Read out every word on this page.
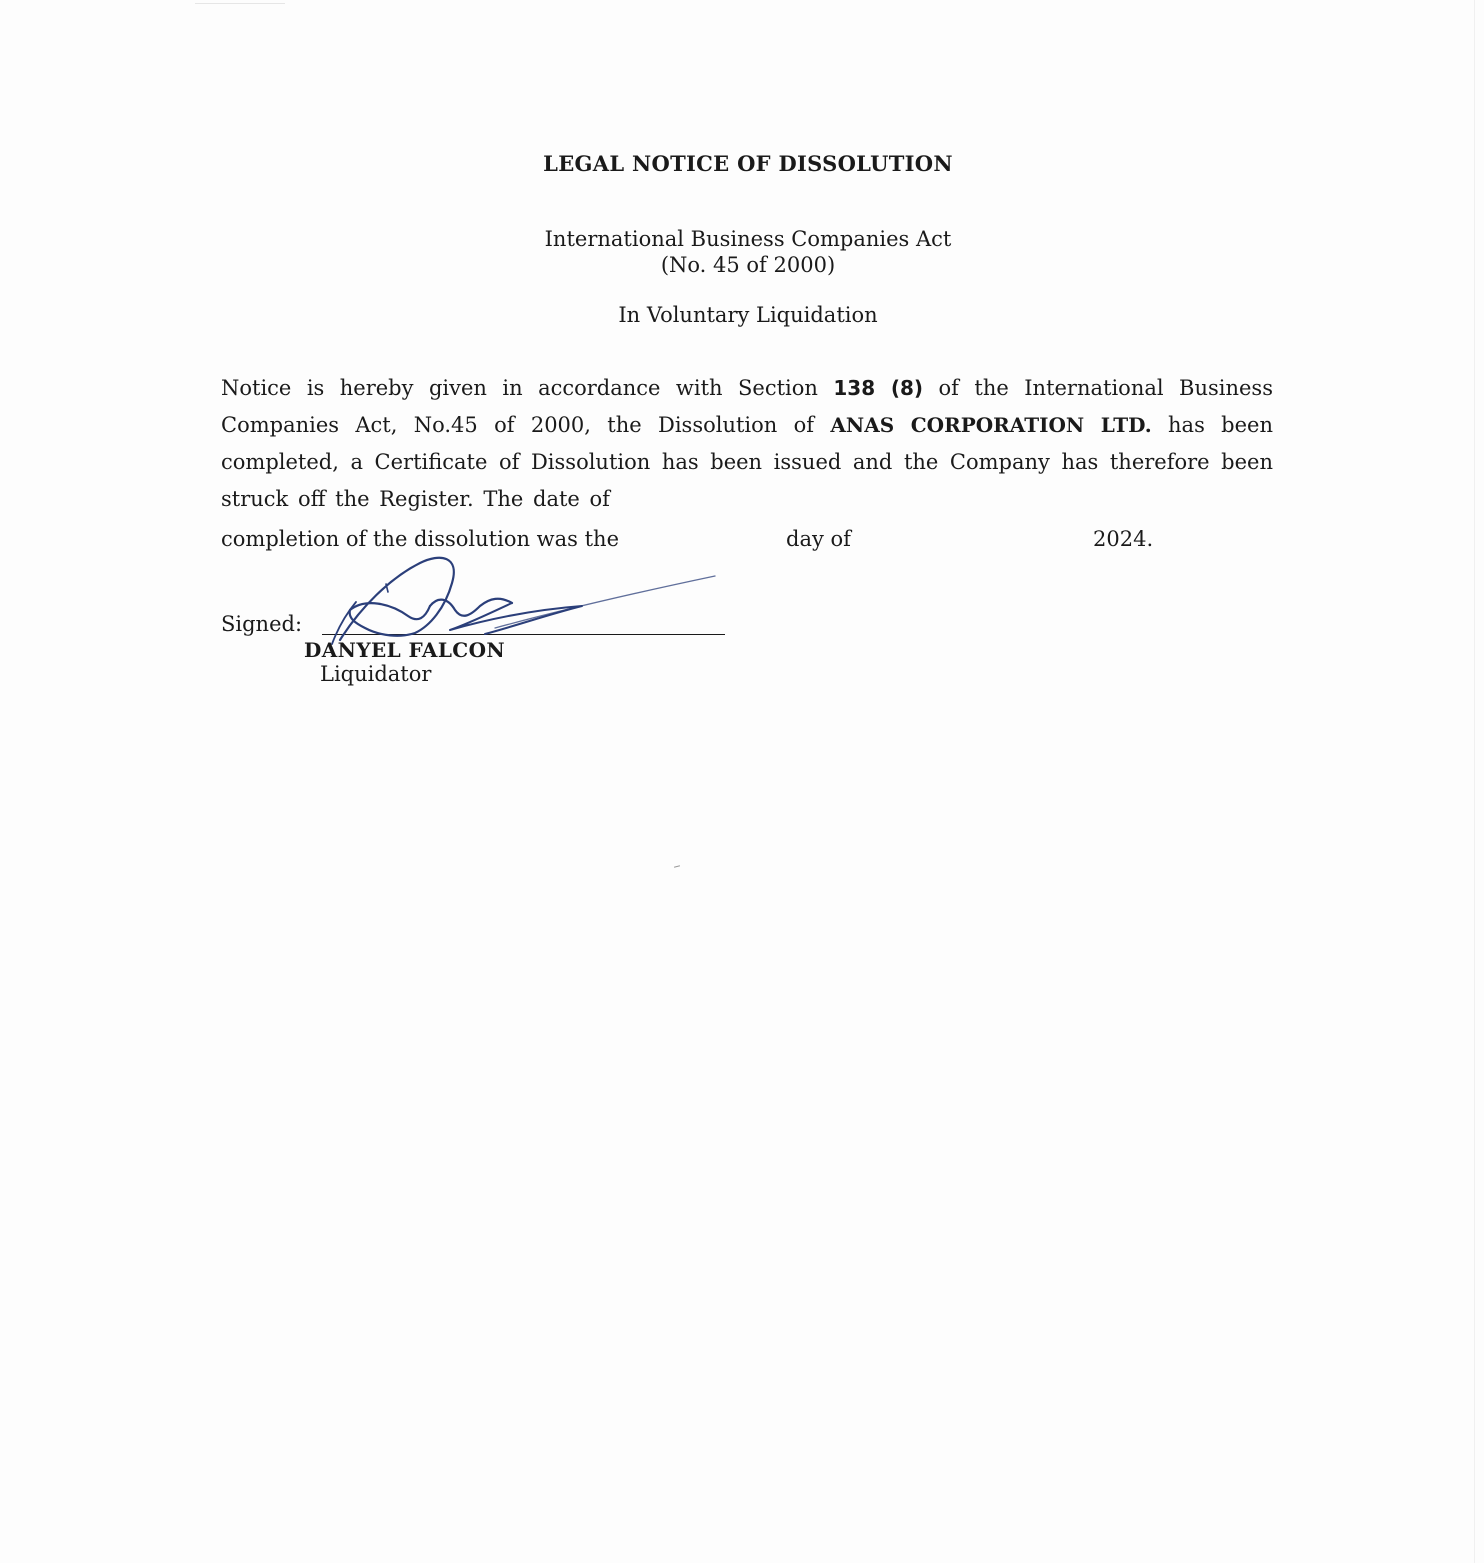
LEGAL NOTICE OF DISSOLUTION

International Business Companies Act

(No. 45 of 2000)

In Voluntary Liquidation

Notice is hereby given in accordance with Section 138 (8) of the International Business Companies Act, No.45 of 2000, the Dissolution of ANAS CORPORATION LTD. has been completed, a Certificate of Dissolution has been issued and the Company has therefore been struck off the Register. The date of

completion of the dissolution was the	day of	2024.

Signed:

DANYEL FALCON

Liquidator
